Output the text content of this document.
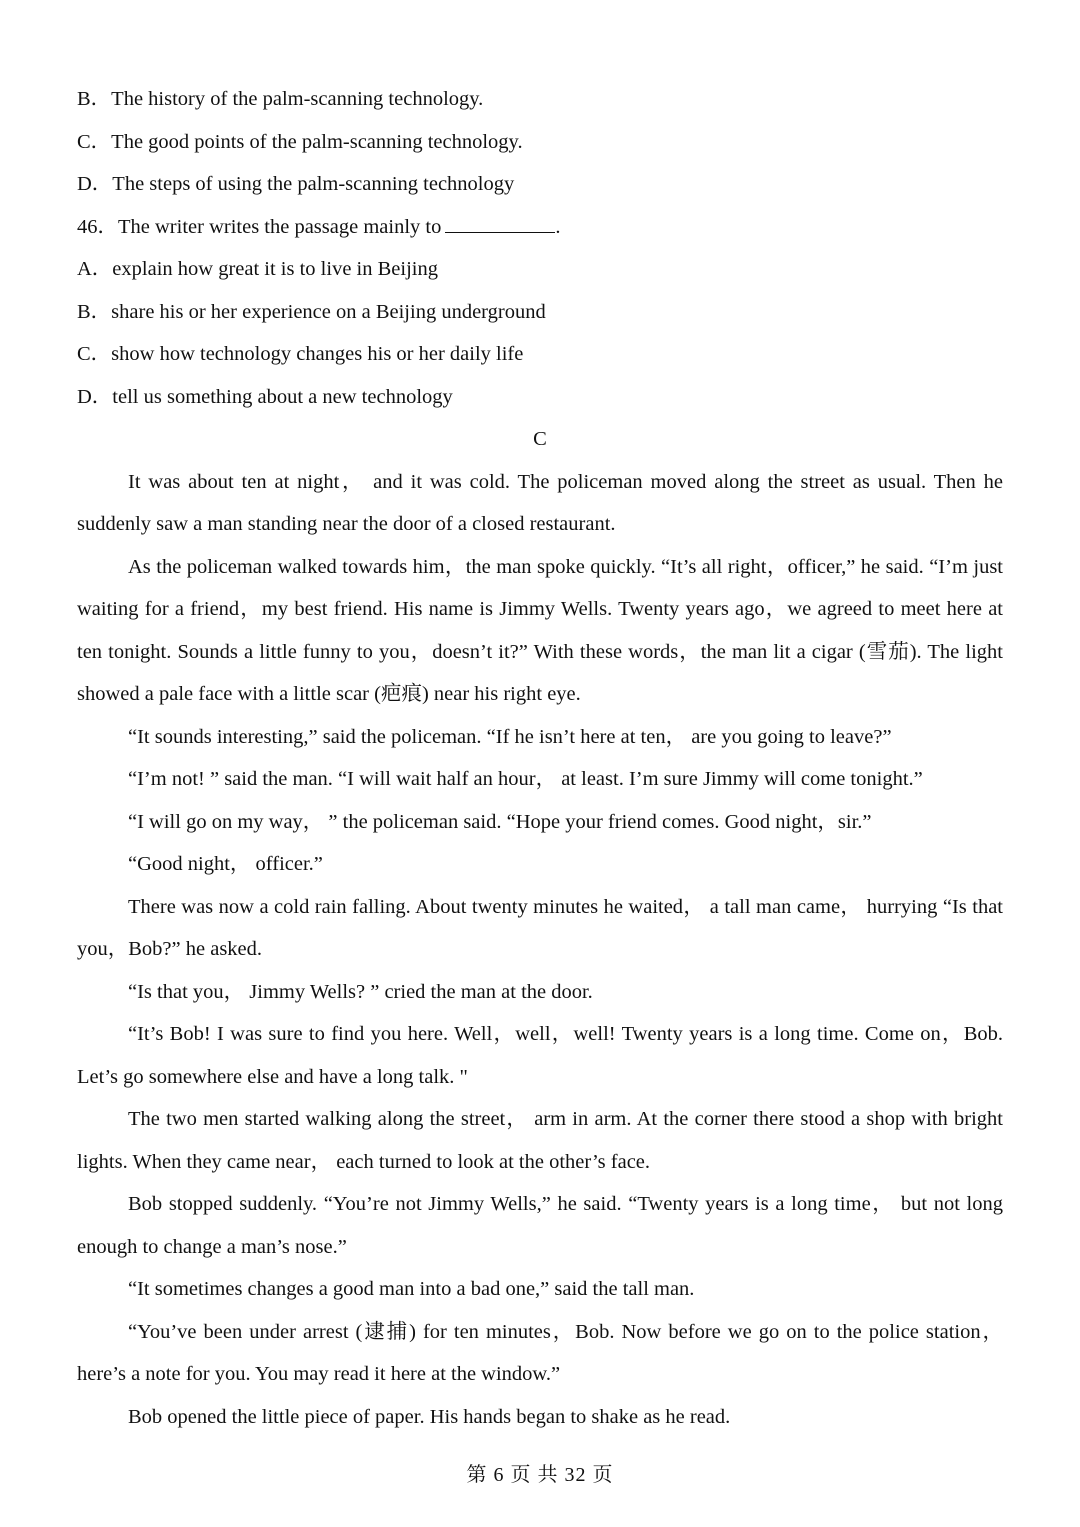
B．The history of the palm-scanning technology.
C．The good points of the palm-scanning technology.
D．The steps of using the palm-scanning technology
46．The writer writes the passage mainly to	.
A．explain how great it is to live in Beijing
B．share his or her experience on a Beijing underground
C．show how technology changes his or her daily life
D．tell us something about a new technology
C

It was about ten at night， and it was cold. The policeman moved along the street as usual. Then he suddenly saw a man standing near the door of a closed restaurant.

As the policeman walked towards him，the man spoke quickly. “It’s all right，officer,” he said. “I’m just waiting for a friend，my best friend. His name is Jimmy Wells. Twenty years ago，we agreed to meet here at ten tonight. Sounds a little funny to you，doesn’t it?” With these words，the man lit a cigar (雪茄). The light showed a pale face with a little scar (疤痕) near his right eye.

“It sounds interesting,” said the policeman. “If he isn’t here at ten， are you going to leave?”

“I’m not! ” said the man. “I will wait half an hour， at least. I’m sure Jimmy will come tonight.”

“I will go on my way， ” the policeman said. “Hope your friend comes. Good night，sir.”

“Good night， officer.”

There was now a cold rain falling. About twenty minutes he waited， a tall man came， hurrying “Is that you，Bob?” he asked.

“Is that you， Jimmy Wells? ” cried the man at the door.

“It’s Bob! I was sure to find you here. Well，well，well! Twenty years is a long time. Come on，Bob. Let’s go somewhere else and have a long talk. "

The two men started walking along the street， arm in arm. At the corner there stood a shop with bright lights. When they came near， each turned to look at the other’s face.

Bob stopped suddenly. “You’re not Jimmy Wells,” he said. “Twenty years is a long time， but not long enough to change a man’s nose.”

“It sometimes changes a good man into a bad one,” said the tall man.

“You’ve been under arrest (逮捕) for ten minutes，Bob. Now before we go on to the police station，here’s a note for you. You may read it here at the window.”

Bob opened the little piece of paper. His hands began to shake as he read.

第 6 页 共 32 页
